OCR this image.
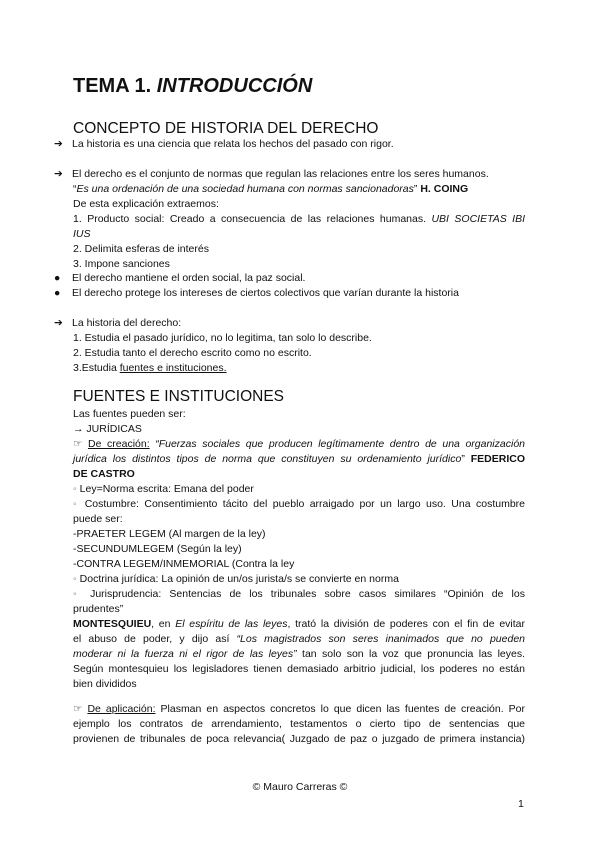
TEMA 1. INTRODUCCIÓN
CONCEPTO DE HISTORIA DEL DERECHO
➔ La historia es una ciencia que relata los hechos del pasado con rigor.
➔ El derecho es el conjunto de normas que regulan las relaciones entre los seres humanos.
“Es una ordenación de una sociedad humana con normas sancionadoras” H. COING
De esta explicación extraemos:
1. Producto social: Creado a consecuencia de las relaciones humanas. UBI SOCIETAS IBI
IUS
2. Delimita esferas de interés
3. Impone sanciones
● El derecho mantiene el orden social, la paz social.
● El derecho protege los intereses de ciertos colectivos que varían durante la historia
➔ La historia del derecho:
1. Estudia el pasado jurídico, no lo legitima, tan solo lo describe.
2. Estudia tanto el derecho escrito como no escrito.
3.Estudia fuentes e instituciones.
FUENTES E INSTITUCIONES
Las fuentes pueden ser:
→ JURÍDICAS
☞ De creación: “Fuerzas sociales que producen legítimamente dentro de una organización
jurídica los distintos tipos de norma que constituyen su ordenamiento jurídico” FEDERICO
DE CASTRO
◦ Ley=Norma escrita: Emana del poder
◦ Costumbre: Consentimiento tácito del pueblo arraigado por un largo uso. Una costumbre
puede ser:
-PRAETER LEGEM (Al margen de la ley)
-SECUNDUMLEGEM (Según la ley)
-CONTRA LEGEM/INMEMORIAL (Contra la ley
◦ Doctrina jurídica: La opinión de un/os jurista/s se convierte en norma
◦ Jurisprudencia: Sentencias de los tribunales sobre casos similares “Opinión de los
prudentes”
MONTESQUIEU, en El espíritu de las leyes, trató la división de poderes con el fin de evitar
el abuso de poder, y dijo así “Los magistrados son seres inanimados que no pueden
moderar ni la fuerza ni el rigor de las leyes” tan solo son la voz que pronuncia las leyes.
Según montesquieu los legisladores tienen demasiado arbitrio judicial, los poderes no están
bien divididos
☞ De aplicación: Plasman en aspectos concretos lo que dicen las fuentes de creación. Por
ejemplo los contratos de arrendamiento, testamentos o cierto tipo de sentencias que
provienen de tribunales de poca relevancia( Juzgado de paz o juzgado de primera instancia)
© Mauro Carreras ©
1
